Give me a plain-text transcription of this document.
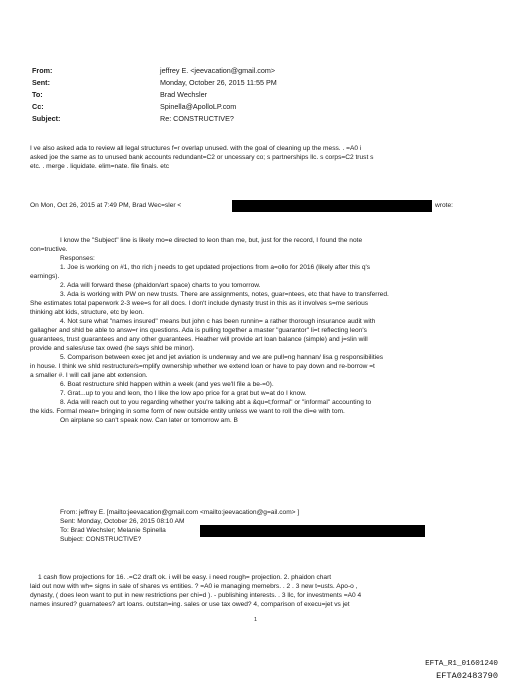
From:	jeffrey E. <jeevacation@gmail.com>
Sent:	Monday, October 26, 2015 11:55 PM
To:	Brad Wechsler
Cc:	Spinella@ApolloLP.com
Subject:	Re: CONSTRUCTIVE?
I ve also asked ada to review all legal structures f=r overlap unused. with the goal of cleaning up the mess. . =A0 i
asked joe the same as to unused bank accounts redundant=C2 or uncessary co; s partnerships llc. s corps=C2 trust s
etc. . merge . liquidate. elim=nate. file finals. etc
On Mon, Oct 26, 2015 at 7:49 PM, Brad Wec=sler <	wrote:
I know the "Subject" line is likely mo=e directed to leon than me, but, just for the record, I found the note
con=tructive.
Responses:
1. Joe is working on #1, tho rich j needs to get updated projections from a=ollo for 2016 (likely after this q's
earnings).
2. Ada will forward these (phaidon/art space) charts to you tomorrow.
3. Ada is working with PW on new trusts. There are assignments, notes, guar=ntees, etc that have to transferred.
She estimates total paperwork 2-3 wee=s for all docs. I don't include dynasty trust in this as it involves s=me serious
thinking abt kids, structure, etc by leon.
4. Not sure what "names insured" means but john c has been runnin= a rather thorough insurance audit with
gallagher and shld be able to answ=r ins questions. Ada is pulling together a master "guarantor" li=t reflecting leon's
guarantees, trust guarantees and any other guarantees. Heather will provide art loan balance (simple) and j=slin will
provide and sales/use tax owed (he says shld be minor).
5. Comparison between exec jet and jet aviation is underway and we are pull=ng hannan/ lisa g responsibilities
in house. I think we shld restructure/s=mplify ownership whether we extend loan or have to pay down and re-borrow =t
a smaller #. I will call jane abt extension.
6. Boat restructure shld happen within a week (and yes we'll file a be-=0).
7. Grat...up to you and leon, tho I like the low apo price for a grat but w=at do I know.
8. Ada will reach out to you regarding whether you're talking abt a &qu=t;formal" or "informal" accounting to
the kids. Formal mean= bringing in some form of new outside entity unless we want to roll the di=e with tom.
On airplane so can't speak now. Can later or tomorrow am. B
From: jeffrey E. [mailto:jeevacation@gmail.com <mailto:jeevacation@g=ail.com> ]
Sent: Monday, October 26, 2015 08:10 AM
To: Brad Wechsler; Melanie Spinella
Subject: CONSTRUCTIVE?
1 cash flow projections for 16. .=C2 draft ok. i will be easy. i need rough= projection. 2. phaidon chart
laid out now with wh= signs in sale of shares vs entities. ? =A0 ie managing memebrs. . 2 . 3 new t=usts. Apo-o ,
dynasty, ( does leon want to put in new restrictions per chi=d ). - publishing interests. . 3 llc, for investments =A0 4
names insured? guarnatees? art loans. outstan=ing. sales or use tax owed? 4, comparison of execu=jet vs jet
1
EFTA_R1_01601240
EFTA02483790
